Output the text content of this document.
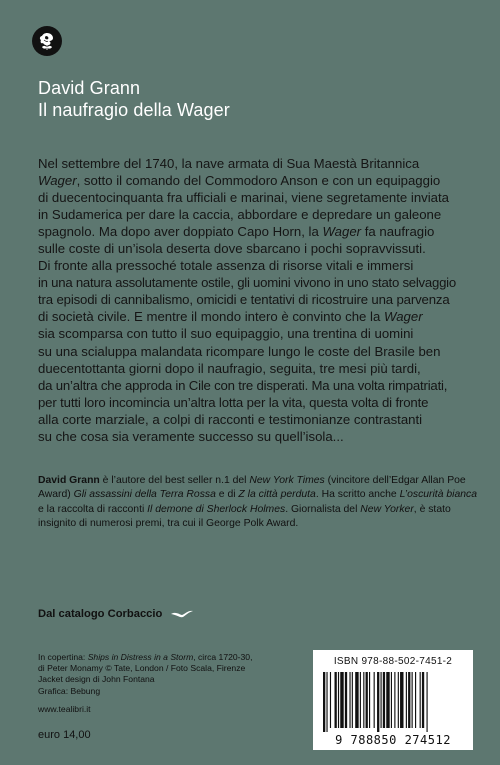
David Grann
Il naufragio della Wager
Nel settembre del 1740, la nave armata di Sua Maestà Britannica
Wager, sotto il comando del Commodoro Anson e con un equipaggio
di duecentocinquanta fra ufficiali e marinai, viene segretamente inviata
in Sudamerica per dare la caccia, abbordare e depredare un galeone
spagnolo. Ma dopo aver doppiato Capo Horn, la Wager fa naufragio
sulle coste di un’isola deserta dove sbarcano i pochi sopravvissuti.
Di fronte alla pressoché totale assenza di risorse vitali e immersi
in una natura assolutamente ostile, gli uomini vivono in uno stato selvaggio
tra episodi di cannibalismo, omicidi e tentativi di ricostruire una parvenza
di società civile. E mentre il mondo intero è convinto che la Wager
sia scomparsa con tutto il suo equipaggio, una trentina di uomini
su una scialuppa malandata ricompare lungo le coste del Brasile ben
duecentottanta giorni dopo il naufragio, seguita, tre mesi più tardi,
da un’altra che approda in Cile con tre disperati. Ma una volta rimpatriati,
per tutti loro incomincia un’altra lotta per la vita, questa volta di fronte
alla corte marziale, a colpi di racconti e testimonianze contrastanti
su che cosa sia veramente successo su quell’isola...
David Grann è l’autore del best seller n.1 del New York Times (vincitore dell’Edgar Allan Poe Award) Gli assassini della Terra Rossa e di Z la città perduta. Ha scritto anche L’oscurità bianca e la raccolta di racconti Il demone di Sherlock Holmes. Giornalista del New Yorker, è stato insignito di numerosi premi, tra cui il George Polk Award.
Dal catalogo Corbaccio
In copertina: Ships in Distress in a Storm, circa 1720-30,
di Peter Monamy © Tate, London / Foto Scala, Firenze
Jacket design di John Fontana
Grafica: Bebung
www.tealibri.it
euro 14,00
ISBN 978-88-502-7451-2
9 788850 274512
